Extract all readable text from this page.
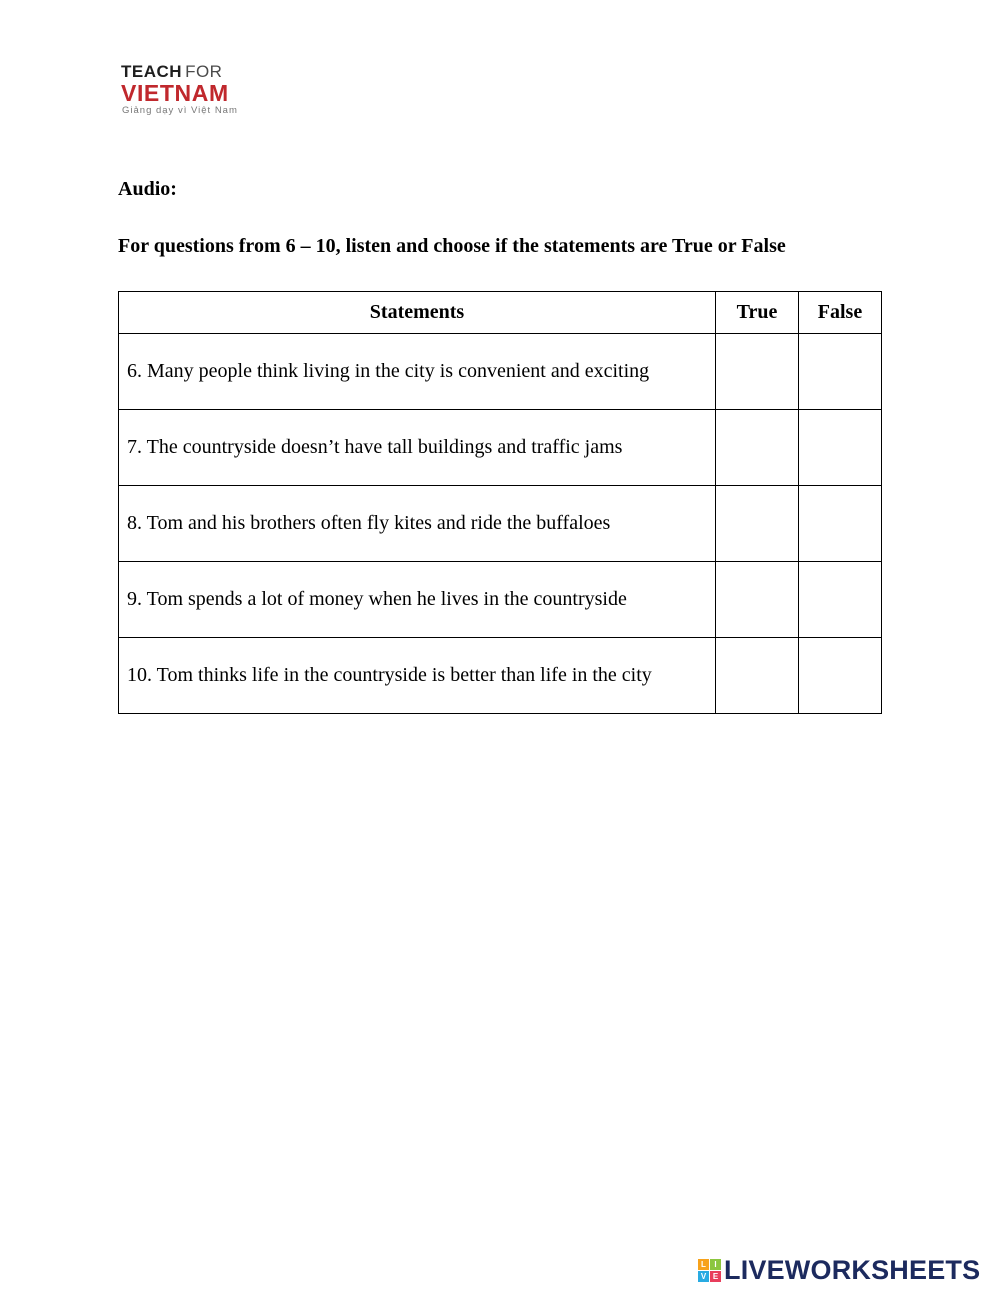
TEACH FOR
VIETNAM
Giảng dạy vì Việt Nam
Audio:
For questions from 6 – 10, listen and choose if the statements are True or False
Statements	True	False
6. Many people think living in the city is convenient and exciting		
7. The countryside doesn’t have tall buildings and traffic jams		
8. Tom and his brothers often fly kites and ride the buffaloes		
9. Tom spends a lot of money when he lives in the countryside		
10. Tom thinks life in the countryside is better than life in the city		
L	I
V E LIVEWORKSHEETS
